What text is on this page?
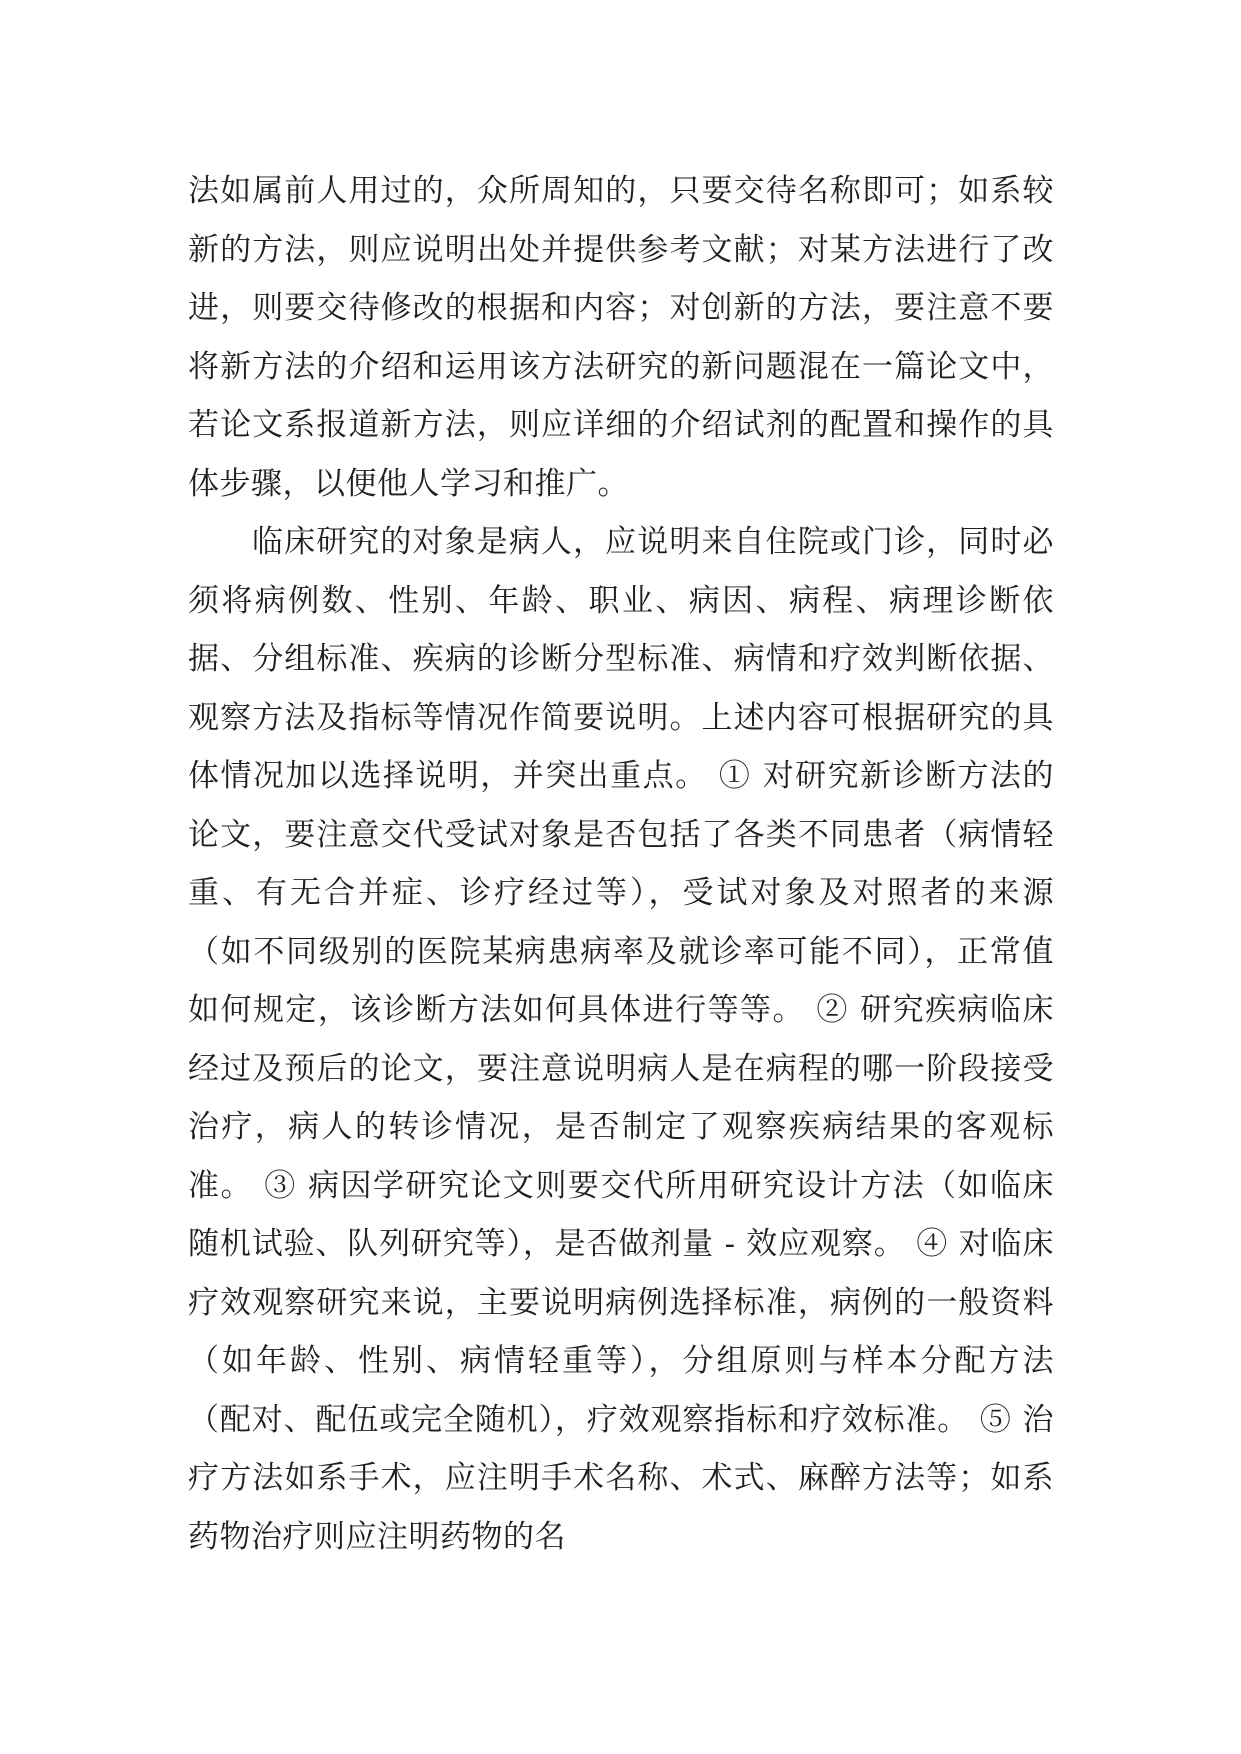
法如属前人用过的，众所周知的，只要交待名称即可；如系较新的方法，则应说明出处并提供参考文献；对某方法进行了改进，则要交待修改的根据和内容；对创新的方法，要注意不要将新方法的介绍和运用该方法研究的新问题混在一篇论文中，若论文系报道新方法，则应详细的介绍试剂的配置和操作的具体步骤，以便他人学习和推广。

临床研究的对象是病人，应说明来自住院或门诊，同时必须将病例数、性别、年龄、职业、病因、病程、病理诊断依据、分组标准、疾病的诊断分型标准、病情和疗效判断依据、观察方法及指标等情况作简要说明。上述内容可根据研究的具体情况加以选择说明，并突出重点。 ① 对研究新诊断方法的论文，要注意交代受试对象是否包括了各类不同患者（病情轻重、有无合并症、诊疗经过等），受试对象及对照者的来源（如不同级别的医院某病患病率及就诊率可能不同），正常值如何规定，该诊断方法如何具体进行等等。 ② 研究疾病临床经过及预后的论文，要注意说明病人是在病程的哪一阶段接受治疗，病人的转诊情况，是否制定了观察疾病结果的客观标准。 ③ 病因学研究论文则要交代所用研究设计方法（如临床随机试验、队列研究等），是否做剂量 - 效应观察。 ④ 对临床疗效观察研究来说，主要说明病例选择标准，病例的一般资料（如年龄、性别、病情轻重等），分组原则与样本分配方法（配对、配伍或完全随机），疗效观察指标和疗效标准。 ⑤ 治疗方法如系手术，应注明手术名称、术式、麻醉方法等；如系药物治疗则应注明药物的名
